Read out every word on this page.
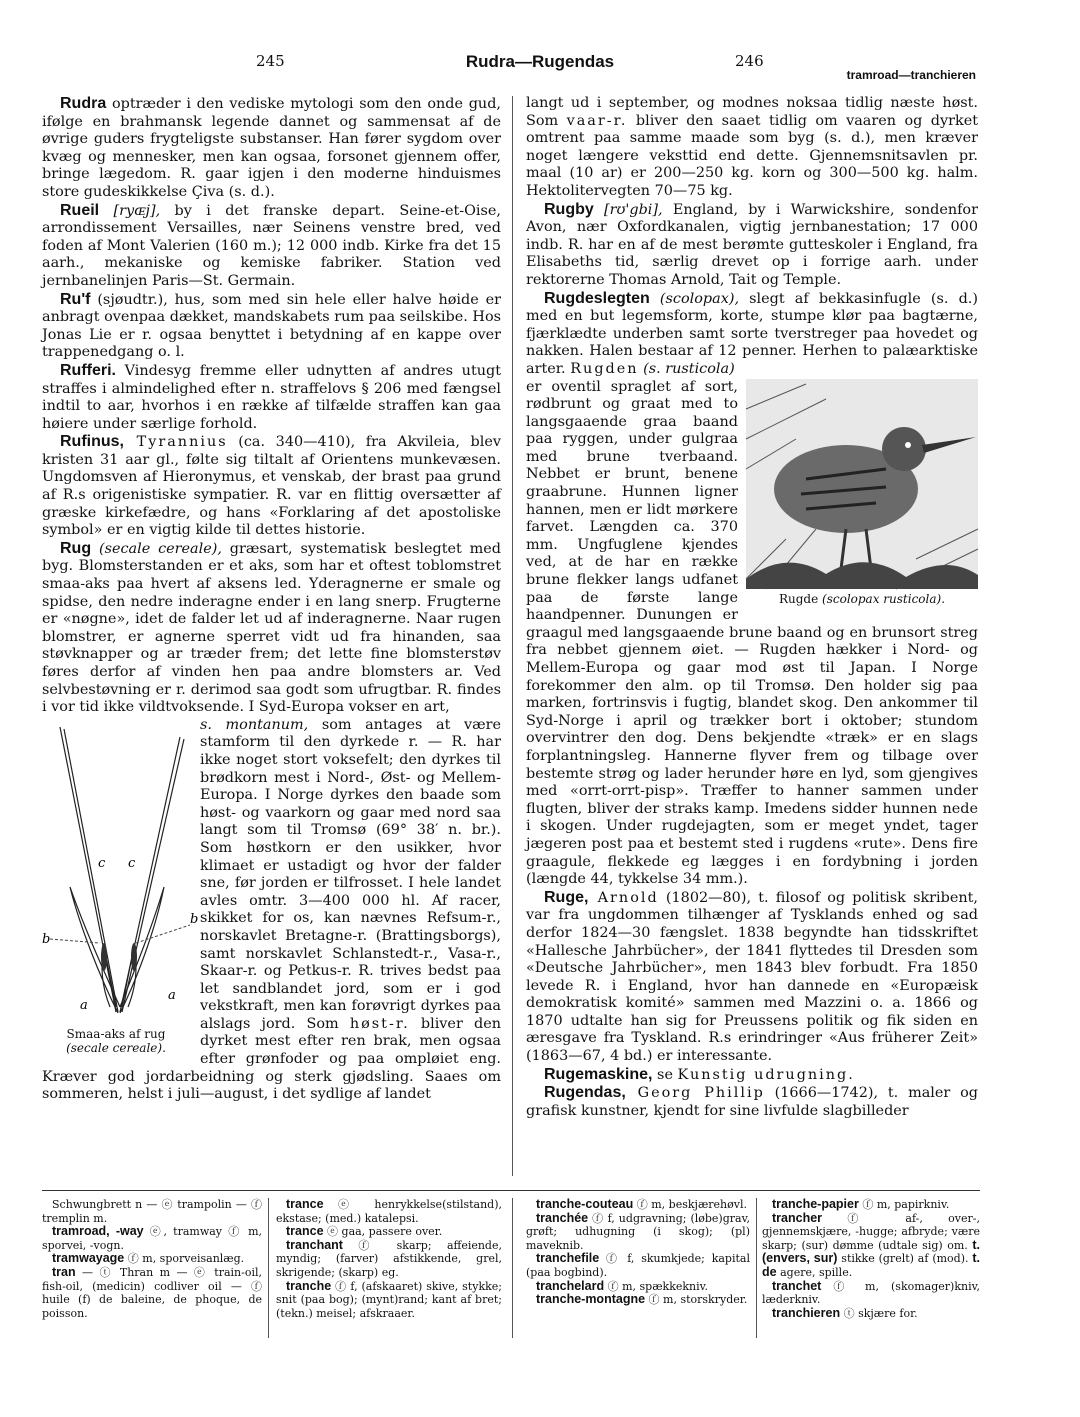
245	Rudra—Rugendas	246
tramroad—tranchieren

Rudra optræder i den vediske mytologi som den onde gud, ifølge en brahmansk legende dannet og sammensat af de øvrige guders frygteligste substanser. Han fører sygdom over kvæg og mennesker, men kan ogsaa, forsonet gjennem offer, bringe lægedom. R. gaar igjen i den moderne hinduismes store gudeskikkelse Çiva (s. d.).

Rueil [ryɶj], by i det franske depart. Seine-et-Oise, arrondissement Versailles, nær Seinens venstre bred, ved foden af Mont Valerien (160 m.); 12 000 indb. Kirke fra det 15 aarh., mekaniske og kemiske fabriker. Station ved jernbanelinjen Paris—St. Germain.

Ru'f (sjøudtr.), hus, som med sin hele eller halve høide er anbragt ovenpaa dækket, mandskabets rum paa seilskibe. Hos Jonas Lie er r. ogsaa benyttet i betydning af en kappe over trappenedgang o. l.

Rufferi. Vindesyg fremme eller udnytten af andres utugt straffes i almindelighed efter n. straffelovs § 206 med fængsel indtil to aar, hvorhos i en række af tilfælde straffen kan gaa høiere under særlige forhold.

Rufinus, Tyrannius (ca. 340—410), fra Akvileia, blev kristen 31 aar gl., følte sig tiltalt af Orientens munkevæsen. Ungdomsven af Hieronymus, et venskab, der brast paa grund af R.s origenistiske sympatier. R. var en flittig oversætter af græske kirkefædre, og hans «Forklaring af det apostoliske symbol» er en vigtig kilde til dettes historie.

Rug (secale cereale), græsart, systematisk beslegtet med byg. Blomsterstanden er et aks, som har et oftest toblomstret smaa-aks paa hvert af aksens led. Yderagnerne er smale og spidse, den nedre inderagne ender i en lang snerp. Frugterne er «nøgne», idet de falder let ud af inderagnerne. Naar rugen blomstrer, er agnerne sperret vidt ud fra hinanden, saa støvknapper og ar træder frem; det lette fine blomsterstøv føres derfor af vinden hen paa andre blomsters ar. Ved selvbestøvning er r. derimod saa godt som ufrugtbar. R. findes i vor tid ikke vildtvoksende. I Syd-Europa vokser en art,

c c
b
b
a
a
Smaa-aks af rug
(secale cereale).
s. montanum, som antages at være stamform til den dyrkede r. — R. har ikke noget stort voksefelt; den dyrkes til brødkorn mest i Nord-, Øst- og Mellem-Europa. I Norge dyrkes den baade som høst- og vaarkorn og gaar med nord saa langt som til Tromsø (69° 38′ n. br.). Som høstkorn er den usikker, hvor klimaet er ustadigt og hvor der falder sne, før jorden er tilfrosset. I hele landet avles omtr. 3—400 000 hl. Af racer, skikket for os, kan nævnes Refsum-r., norskavlet Bretagne-r. (Brattingsborgs), samt norskavlet Schlanstedt-r., Vasa-r., Skaar-r. og Petkus-r. R. trives bedst paa let sandblandet jord, som er i god vekstkraft, men kan forøvrigt dyrkes paa alslags jord. Som høst-r. bliver den dyrket mest efter ren brak, men ogsaa efter grønfoder og paa ompløiet eng. Kræver god jordarbeidning og sterk gjødsling. Saaes om sommeren, helst i juli—august, i det sydlige af landet

langt ud i september, og modnes noksaa tidlig næste høst. Som vaar-r. bliver den saaet tidlig om vaaren og dyrket omtrent paa samme maade som byg (s. d.), men kræver noget længere veksttid end dette. Gjennemsnitsavlen pr. maal (10 ar) er 200—250 kg. korn og 300—500 kg. halm. Hektolitervegten 70—75 kg.

Rugby [rʊ'gbi], England, by i Warwickshire, sondenfor Avon, nær Oxfordkanalen, vigtig jernbanestation; 17 000 indb. R. har en af de mest berømte gutteskoler i England, fra Elisabeths tid, særlig drevet op i forrige aarh. under rektorerne Thomas Arnold, Tait og Temple.

Rugdeslegten (scolopax), slegt af bekkasinfugle (s. d.) med en but legemsform, korte, stumpe klør paa bagtærne, fjærklædte underben samt sorte tverstreger paa hovedet og nakken. Halen bestaar af 12 penner. Herhen to palæarktiske arter. Rugden (s. rusticola)

Rugde (scolopax rusticola).
er oventil spraglet af sort, rødbrunt og graat med to langsgaaende graa baand paa ryggen, under gulgraa med brune tverbaand. Nebbet er brunt, benene graabrune. Hunnen ligner hannen, men er lidt mørkere farvet. Længden ca. 370 mm. Ungfuglene kjendes ved, at de har en række brune flekker langs udfanet paa de første lange haandpenner. Dunungen er graagul med langsgaaende brune baand og en brunsort streg fra nebbet gjennem øiet. — Rugden hækker i Nord- og Mellem-Europa og gaar mod øst til Japan. I Norge forekommer den alm. op til Tromsø. Den holder sig paa marken, fortrinsvis i fugtig, blandet skog. Den ankommer til Syd-Norge i april og trækker bort i oktober; stundom overvintrer den dog. Dens bekjendte «træk» er en slags forplantningsleg. Hannerne flyver frem og tilbage over bestemte strøg og lader herunder høre en lyd, som gjengives med «orrt-orrt-pisp». Træffer to hanner sammen under flugten, bliver der straks kamp. Imedens sidder hunnen nede i skogen. Under rugdejagten, som er meget yndet, tager jægeren post paa et bestemt sted i rugdens «rute». Dens fire graagule, flekkede eg lægges i en fordybning i jorden (længde 44, tykkelse 34 mm.).

Ruge, Arnold (1802—80), t. filosof og politisk skribent, var fra ungdommen tilhænger af Tysklands enhed og sad derfor 1824—30 fængslet. 1838 begyndte han tidsskriftet «Hallesche Jahrbücher», der 1841 flyttedes til Dresden som «Deutsche Jahrbücher», men 1843 blev forbudt. Fra 1850 levede R. i England, hvor han dannede en «Europæisk demokratisk komité» sammen med Mazzini o. a. 1866 og 1870 udtalte han sig for Preussens politik og fik siden en æresgave fra Tyskland. R.s erindringer «Aus früherer Zeit» (1863—67, 4 bd.) er interessante.

Rugemaskine, se Kunstig udrugning.

Rugendas, Georg Phillip (1666—1742), t. maler og grafisk kunstner, kjendt for sine livfulde slagbilleder

Schwungbrett n — ⓔ trampolin — ⓕ tremplin m.

tramroad, -way ⓔ, tramway ⓕ m, sporvei, -vogn.

tramwayage ⓕ m, sporveisanlæg.

tran — ⓣ Thran m — ⓔ train-oil, fish-oil, (medicin) codliver oil — ⓕ huile (f) de baleine, de phoque, de poisson.

trance ⓔ henrykkelse(stilstand), ekstase; (med.) katalepsi.

trance ⓔ gaa, passere over.

tranchant ⓕ skarp; affeiende, myndig; (farver) afstikkende, grel, skrigende; (skarp) eg.

tranche ⓕ f, (afskaaret) skive, stykke; snit (paa bog); (mynt)rand; kant af bret; (tekn.) meisel; afskraaer.

tranche-couteau ⓕ m, beskjærehøvl.

tranchée ⓕ f, udgravning; (løbe)grav, grøft; udhugning (i skog); (pl) maveknib.

tranchefile ⓕ f, skumkjede; kapital (paa bogbind).

tranchelard ⓕ m, spækkekniv.

tranche-montagne ⓕ m, storskryder.

tranche-papier ⓕ m, papirkniv.

trancher ⓕ af-, over-, gjennemskjære, -hugge; afbryde; være skarp; (sur) dømme (udtale sig) om. t. (envers, sur) stikke (grelt) af (mod). t. de agere, spille.

tranchet ⓕ m, (skomager)kniv, læderkniv.

tranchieren ⓣ skjære for.
